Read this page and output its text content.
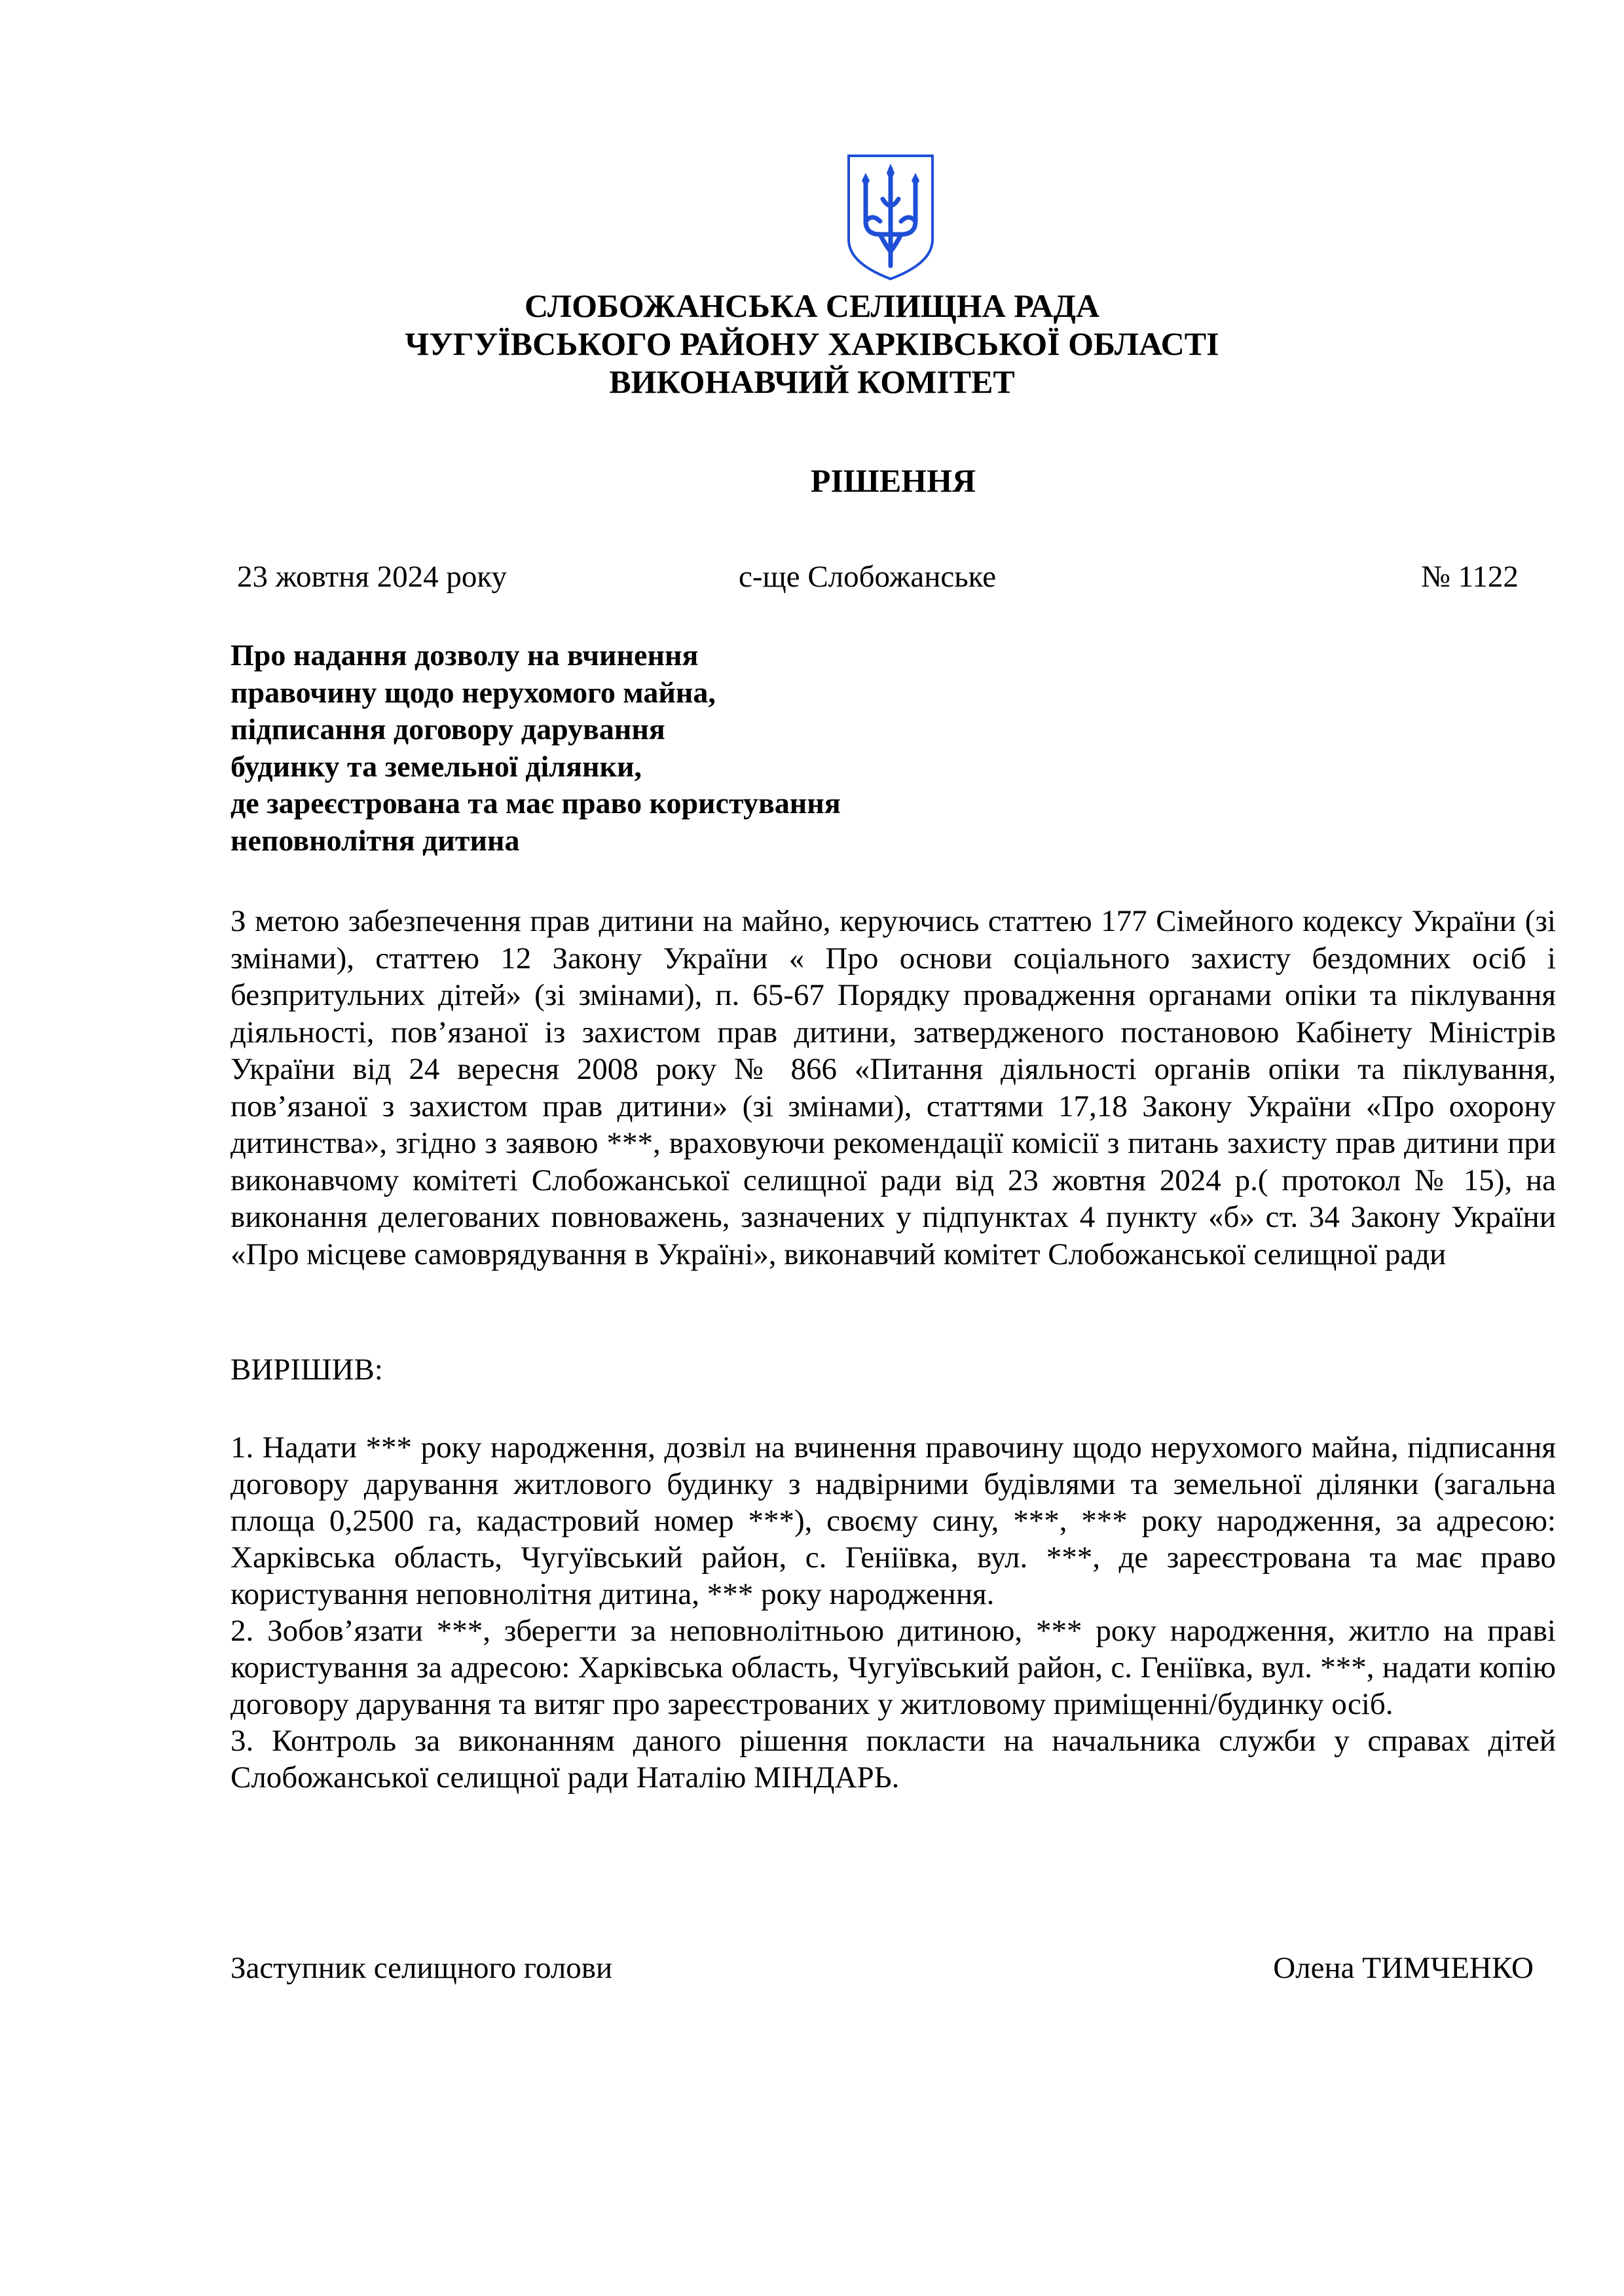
СЛОБОЖАНСЬКА СЕЛИЩНА РАДА
ЧУГУЇВСЬКОГО РАЙОНУ ХАРКІВСЬКОЇ ОБЛАСТІ
ВИКОНАВЧИЙ КОМІТЕТ
РІШЕННЯ
23 жовтня 2024 року	с-ще Слобожанське	№ 1122
Про надання дозволу на вчинення
правочину щодо нерухомого майна,
підписання договору дарування
будинку та земельної ділянки,
де зареєстрована та має право користування
неповнолітня дитина
З метою забезпечення прав дитини на майно, керуючись статтею 177 Сімейного кодексу України (зі змінами), статтею 12 Закону України « Про основи соціального захисту бездомних осіб і безпритульних дітей» (зі змінами), п. 65-67 Порядку провадження органами опіки та піклування діяльності, пов’язаної із захистом прав дитини, затвердженого постановою Кабінету Міністрів України від 24 вересня 2008 року № 866 «Питання діяльності органів опіки та піклування, пов’язаної з захистом прав дитини» (зі змінами), статтями 17,18 Закону України «Про охорону дитинства», згідно з заявою ***, враховуючи рекомендації комісії з питань захисту прав дитини при виконавчому комітеті Слобожанської селищної ради від 23 жовтня 2024 р.( протокол № 15), на виконання делегованих повноважень, зазначених у підпунктах 4 пункту «б» ст. 34 Закону України «Про місцеве самоврядування в Україні», виконавчий комітет Слобожанської селищної ради
ВИРІШИВ:

1. Надати *** року народження, дозвіл на вчинення правочину щодо нерухомого майна, підписання договору дарування житлового будинку з надвірними будівлями та земельної ділянки (загальна площа 0,2500 га, кадастровий номер ***), своєму сину, ***, *** року народження, за адресою: Харківська область, Чугуївський район, с. Геніївка, вул. ***, де зареєстрована та має право користування неповнолітня дитина, *** року народження.

2. Зобов’язати ***, зберегти за неповнолітньою дитиною, *** року народження, житло на праві користування за адресою: Харківська область, Чугуївський район, с. Геніївка, вул. ***, надати копію договору дарування та витяг про зареєстрованих у житловому приміщенні/будинку осіб.

3. Контроль за виконанням даного рішення покласти на начальника служби у справах дітей Слобожанської селищної ради Наталію МІНДАРЬ.

Заступник селищного голови	Олена ТИМЧЕНКО
